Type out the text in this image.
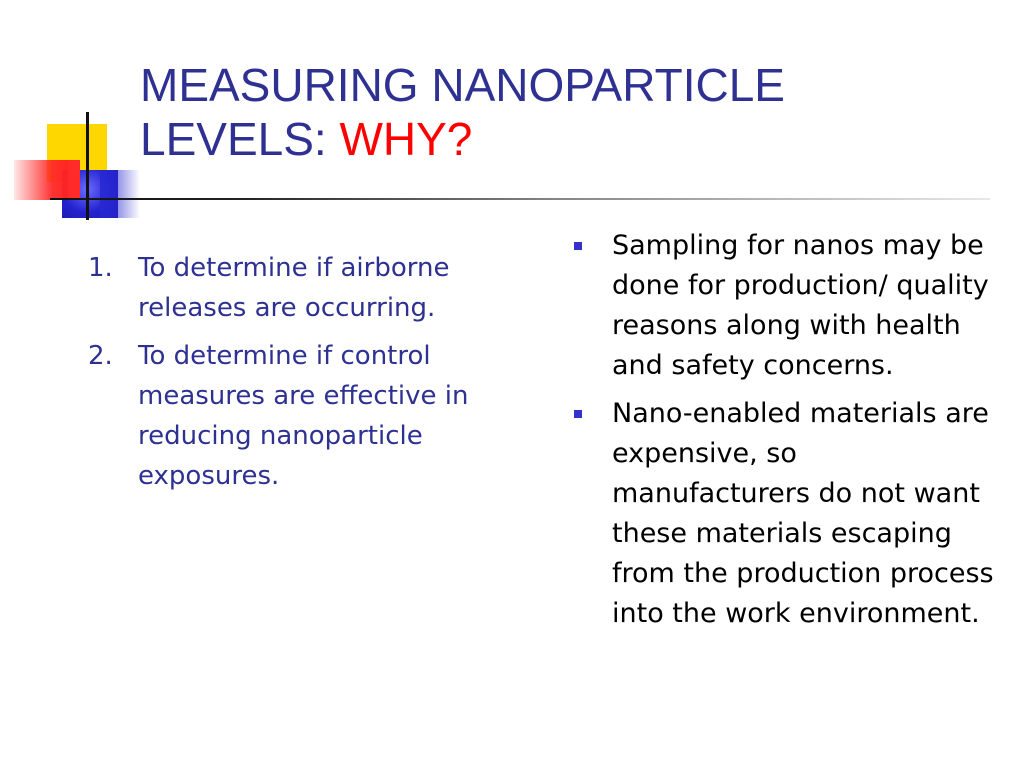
MEASURING NANOPARTICLE LEVELS: WHY?
1. To determine if airborne releases are occurring.
2. To determine if control measures are effective in reducing nanoparticle exposures.
Sampling for nanos may be done for production/ quality reasons along with health and safety concerns.
Nano-enabled materials are expensive, so manufacturers do not want these materials escaping from the production process into the work environment.
